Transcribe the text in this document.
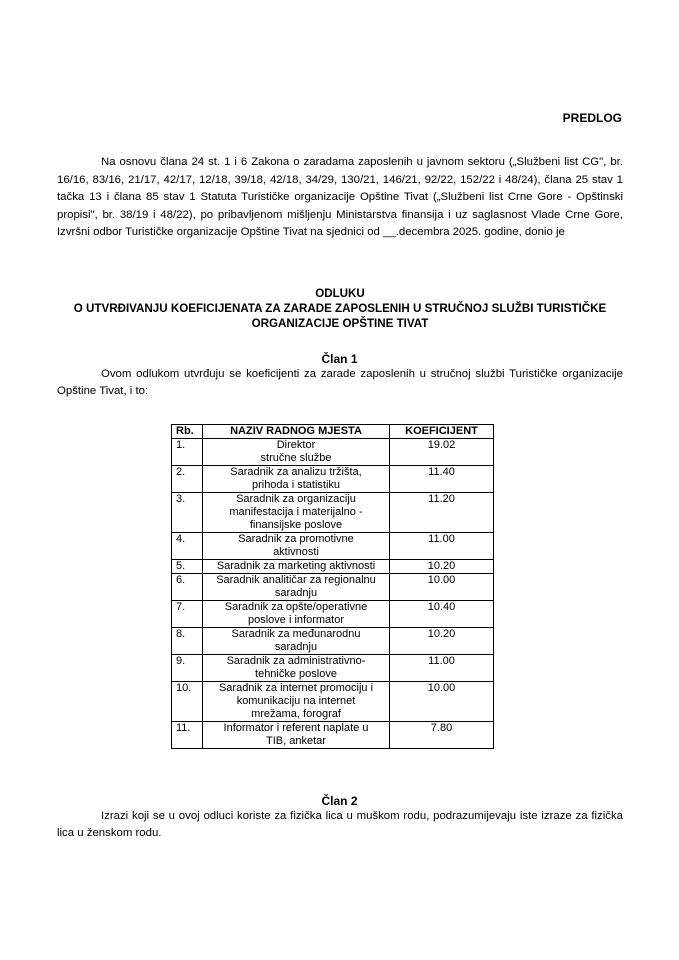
PREDLOG

Na osnovu člana 24 st. 1 i 6 Zakona o zaradama zaposlenih u javnom sektoru („Službeni list CG", br. 16/16, 83/16, 21/17, 42/17, 12/18, 39/18, 42/18, 34/29, 130/21, 146/21, 92/22, 152/22 i 48/24), člana 25 stav 1 tačka 13 i člana 85 stav 1 Statuta Turističke organizacije Opštine Tivat („Službeni list Crne Gore - Opštinski propisi", br. 38/19 i 48/22), po pribavljenom mišljenju Ministarstva finansija i uz saglasnost Vlade Crne Gore, Izvršni odbor Turističke organizacije Opštine Tivat na sjednici od __.decembra 2025. godine, donio je

ODLUKU
O UTVRĐIVANJU KOEFICIJENATA ZA ZARADE ZAPOSLENIH U STRUČNOJ SLUŽBI TURISTIČKE
ORGANIZACIJE OPŠTINE TIVAT
Član 1

Ovom odlukom utvrđuju se koeficijenti za zarade zaposlenih u stručnoj službi Turističke organizacije Opštine Tivat, i to:

Rb.	NAZIV RADNOG MJESTA	KOEFICIJENT
1.	Direktor
stručne službe	19.02
2.	Saradnik za analizu tržišta,
prihoda i statistiku	11.40
3.	Saradnik za organizaciju
manifestacija i materijalno -
finansijske poslove	11.20
4.	Saradnik za promotivne
aktivnosti	11.00
5.	Saradnik za marketing aktivnosti	10.20
6.	Saradnik analitičar za regionalnu
saradnju	10.00
7.	Saradnik za opšte/operativne
poslove i informator	10.40
8.	Saradnik za međunarodnu
saradnju	10.20
9.	Saradnik za administrativno-
tehničke poslove	11.00
10.	Saradnik za internet promociju i
komunikaciju na internet
mrežama, forograf	10.00
11.	Informator i referent naplate u
TIB, anketar	7.80
Član 2

Izrazi koji se u ovoj odluci koriste za fizička lica u muškom rodu, podrazumijevaju iste izraze za fizička lica u ženskom rodu.
